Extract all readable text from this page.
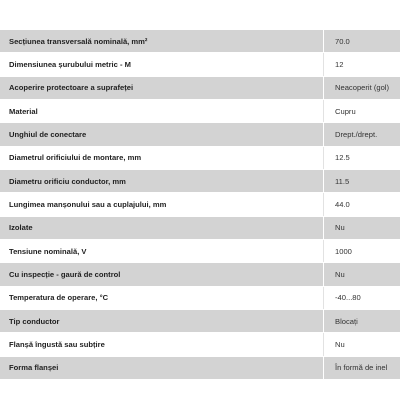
Secțiunea transversală nominală, mm²	70.0
Dimensiunea șurubului metric - M	12
Acoperire protectoare a suprafeței	Neacoperit (gol)
Material	Cupru
Unghiul de conectare	Drept./drept.
Diametrul orificiului de montare, mm	12.5
Diametru orificiu conductor, mm	11.5
Lungimea manșonului sau a cuplajului, mm	44.0
Izolate	Nu
Tensiune nominală, V	1000
Cu inspecție - gaură de control	Nu
Temperatura de operare, °C	-40...80
Tip conductor	Blocați
Flanșă îngustă sau subțire	Nu
Forma flanșei	În formă de inel
